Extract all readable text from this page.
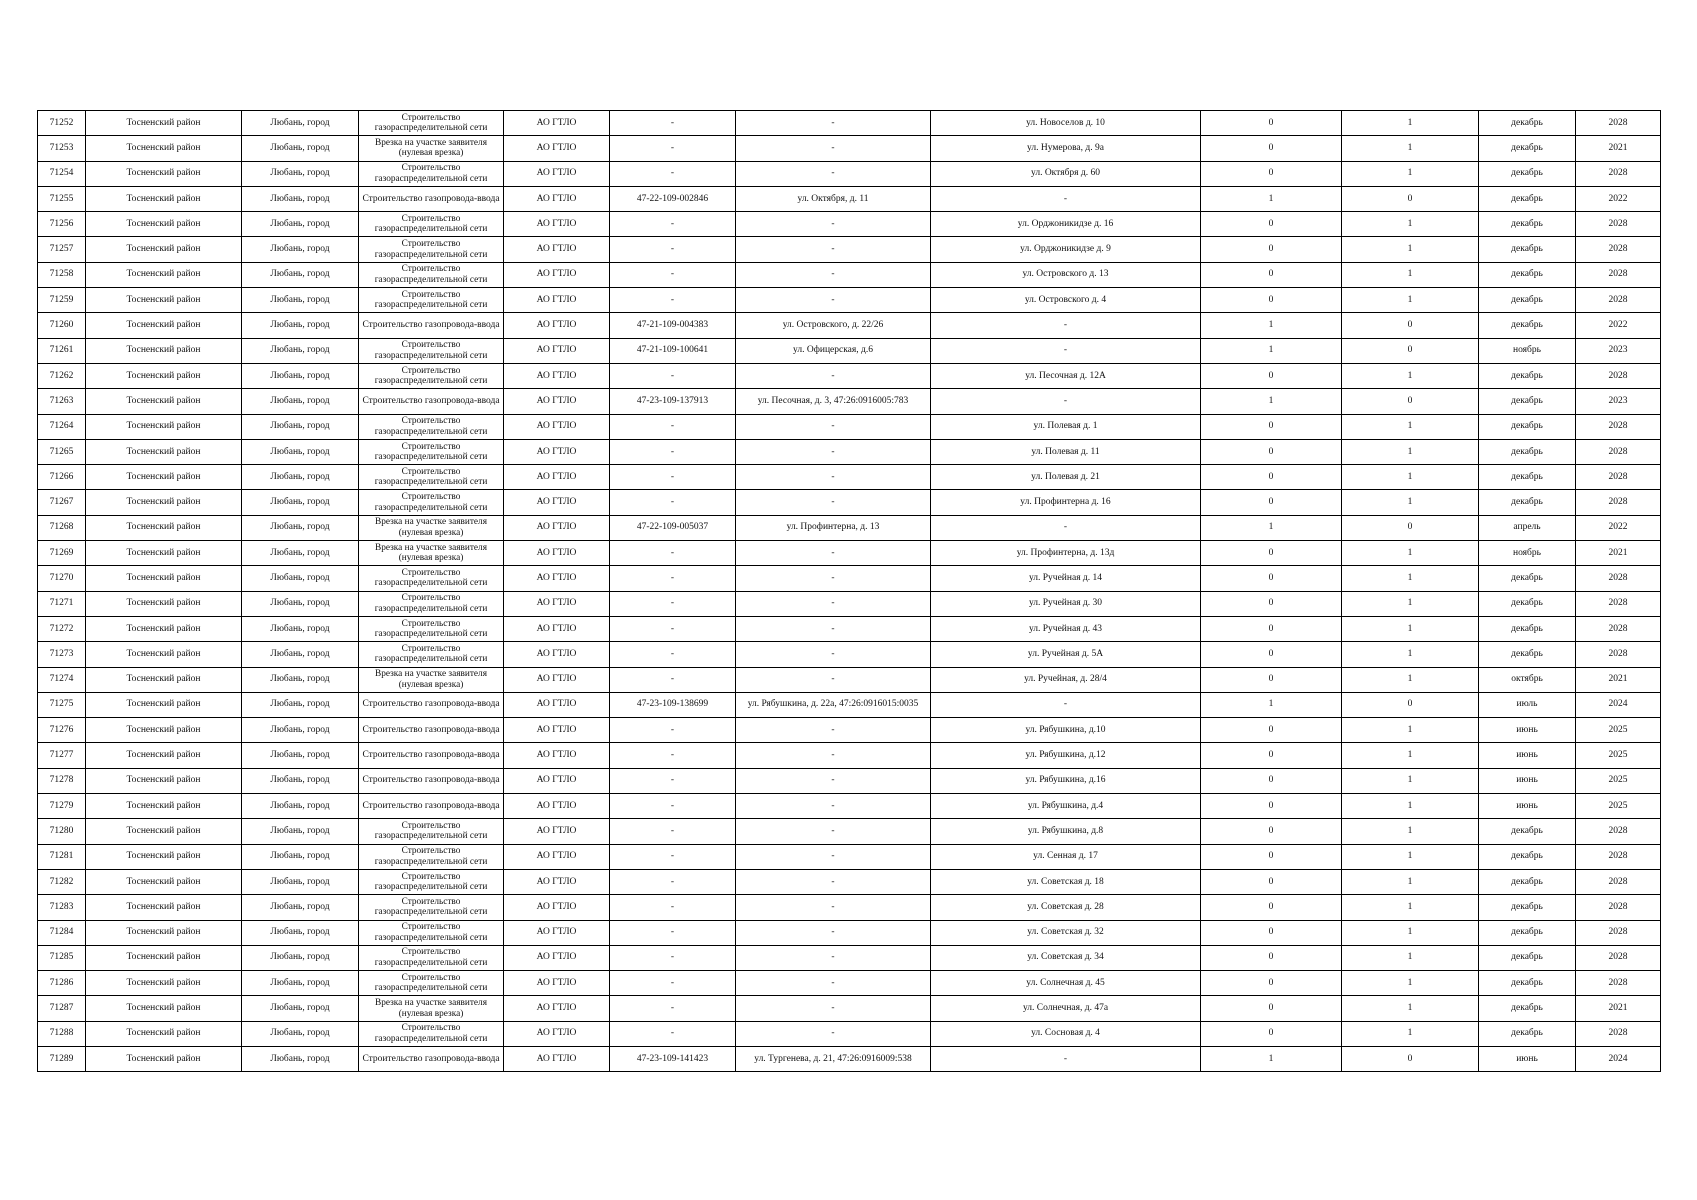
71252	Тосненский район	Любань, город	Строительство газораспределительной сети	АО ГТЛО	-	-	ул. Новоселов д. 10	0	1	декабрь	2028
71253	Тосненский район	Любань, город	Врезка на участке заявителя (нулевая врезка)	АО ГТЛО	-	-	ул. Нумерова, д. 9а	0	1	декабрь	2021
71254	Тосненский район	Любань, город	Строительство газораспределительной сети	АО ГТЛО	-	-	ул. Октября д. 60	0	1	декабрь	2028
71255	Тосненский район	Любань, город	Строительство газопровода-ввода	АО ГТЛО	47-22-109-002846	ул. Октября, д. 11	-	1	0	декабрь	2022
71256	Тосненский район	Любань, город	Строительство газораспределительной сети	АО ГТЛО	-	-	ул. Орджоникидзе д. 16	0	1	декабрь	2028
71257	Тосненский район	Любань, город	Строительство газораспределительной сети	АО ГТЛО	-	-	ул. Орджоникидзе д. 9	0	1	декабрь	2028
71258	Тосненский район	Любань, город	Строительство газораспределительной сети	АО ГТЛО	-	-	ул. Островского д. 13	0	1	декабрь	2028
71259	Тосненский район	Любань, город	Строительство газораспределительной сети	АО ГТЛО	-	-	ул. Островского д. 4	0	1	декабрь	2028
71260	Тосненский район	Любань, город	Строительство газопровода-ввода	АО ГТЛО	47-21-109-004383	ул. Островского, д. 22/26	-	1	0	декабрь	2022
71261	Тосненский район	Любань, город	Строительство газораспределительной сети	АО ГТЛО	47-21-109-100641	ул. Офицерская, д.6	-	1	0	ноябрь	2023
71262	Тосненский район	Любань, город	Строительство газораспределительной сети	АО ГТЛО	-	-	ул. Песочная д. 12А	0	1	декабрь	2028
71263	Тосненский район	Любань, город	Строительство газопровода-ввода	АО ГТЛО	47-23-109-137913	ул. Песочная, д. 3, 47:26:0916005:783	-	1	0	декабрь	2023
71264	Тосненский район	Любань, город	Строительство газораспределительной сети	АО ГТЛО	-	-	ул. Полевая д. 1	0	1	декабрь	2028
71265	Тосненский район	Любань, город	Строительство газораспределительной сети	АО ГТЛО	-	-	ул. Полевая д. 11	0	1	декабрь	2028
71266	Тосненский район	Любань, город	Строительство газораспределительной сети	АО ГТЛО	-	-	ул. Полевая д. 21	0	1	декабрь	2028
71267	Тосненский район	Любань, город	Строительство газораспределительной сети	АО ГТЛО	-	-	ул. Профинтерна д. 16	0	1	декабрь	2028
71268	Тосненский район	Любань, город	Врезка на участке заявителя (нулевая врезка)	АО ГТЛО	47-22-109-005037	ул. Профинтерна, д. 13	-	1	0	апрель	2022
71269	Тосненский район	Любань, город	Врезка на участке заявителя (нулевая врезка)	АО ГТЛО	-	-	ул. Профинтерна, д. 13д	0	1	ноябрь	2021
71270	Тосненский район	Любань, город	Строительство газораспределительной сети	АО ГТЛО	-	-	ул. Ручейная д. 14	0	1	декабрь	2028
71271	Тосненский район	Любань, город	Строительство газораспределительной сети	АО ГТЛО	-	-	ул. Ручейная д. 30	0	1	декабрь	2028
71272	Тосненский район	Любань, город	Строительство газораспределительной сети	АО ГТЛО	-	-	ул. Ручейная д. 43	0	1	декабрь	2028
71273	Тосненский район	Любань, город	Строительство газораспределительной сети	АО ГТЛО	-	-	ул. Ручейная д. 5А	0	1	декабрь	2028
71274	Тосненский район	Любань, город	Врезка на участке заявителя (нулевая врезка)	АО ГТЛО	-	-	ул. Ручейная, д. 28/4	0	1	октябрь	2021
71275	Тосненский район	Любань, город	Строительство газопровода-ввода	АО ГТЛО	47-23-109-138699	ул. Рябушкина, д. 22а, 47:26:0916015:0035	-	1	0	июль	2024
71276	Тосненский район	Любань, город	Строительство газопровода-ввода	АО ГТЛО	-	-	ул. Рябушкина, д.10	0	1	июнь	2025
71277	Тосненский район	Любань, город	Строительство газопровода-ввода	АО ГТЛО	-	-	ул. Рябушкина, д.12	0	1	июнь	2025
71278	Тосненский район	Любань, город	Строительство газопровода-ввода	АО ГТЛО	-	-	ул. Рябушкина, д.16	0	1	июнь	2025
71279	Тосненский район	Любань, город	Строительство газопровода-ввода	АО ГТЛО	-	-	ул. Рябушкина, д.4	0	1	июнь	2025
71280	Тосненский район	Любань, город	Строительство газораспределительной сети	АО ГТЛО	-	-	ул. Рябушкина, д.8	0	1	декабрь	2028
71281	Тосненский район	Любань, город	Строительство газораспределительной сети	АО ГТЛО	-	-	ул. Сенная д. 17	0	1	декабрь	2028
71282	Тосненский район	Любань, город	Строительство газораспределительной сети	АО ГТЛО	-	-	ул. Советская д. 18	0	1	декабрь	2028
71283	Тосненский район	Любань, город	Строительство газораспределительной сети	АО ГТЛО	-	-	ул. Советская д. 28	0	1	декабрь	2028
71284	Тосненский район	Любань, город	Строительство газораспределительной сети	АО ГТЛО	-	-	ул. Советская д. 32	0	1	декабрь	2028
71285	Тосненский район	Любань, город	Строительство газораспределительной сети	АО ГТЛО	-	-	ул. Советская д. 34	0	1	декабрь	2028
71286	Тосненский район	Любань, город	Строительство газораспределительной сети	АО ГТЛО	-	-	ул. Солнечная д. 45	0	1	декабрь	2028
71287	Тосненский район	Любань, город	Врезка на участке заявителя (нулевая врезка)	АО ГТЛО	-	-	ул. Солнечная, д. 47а	0	1	декабрь	2021
71288	Тосненский район	Любань, город	Строительство газораспределительной сети	АО ГТЛО	-	-	ул. Сосновая д. 4	0	1	декабрь	2028
71289	Тосненский район	Любань, город	Строительство газопровода-ввода	АО ГТЛО	47-23-109-141423	ул. Тургенева, д. 21, 47:26:0916009:538	-	1	0	июнь	2024
